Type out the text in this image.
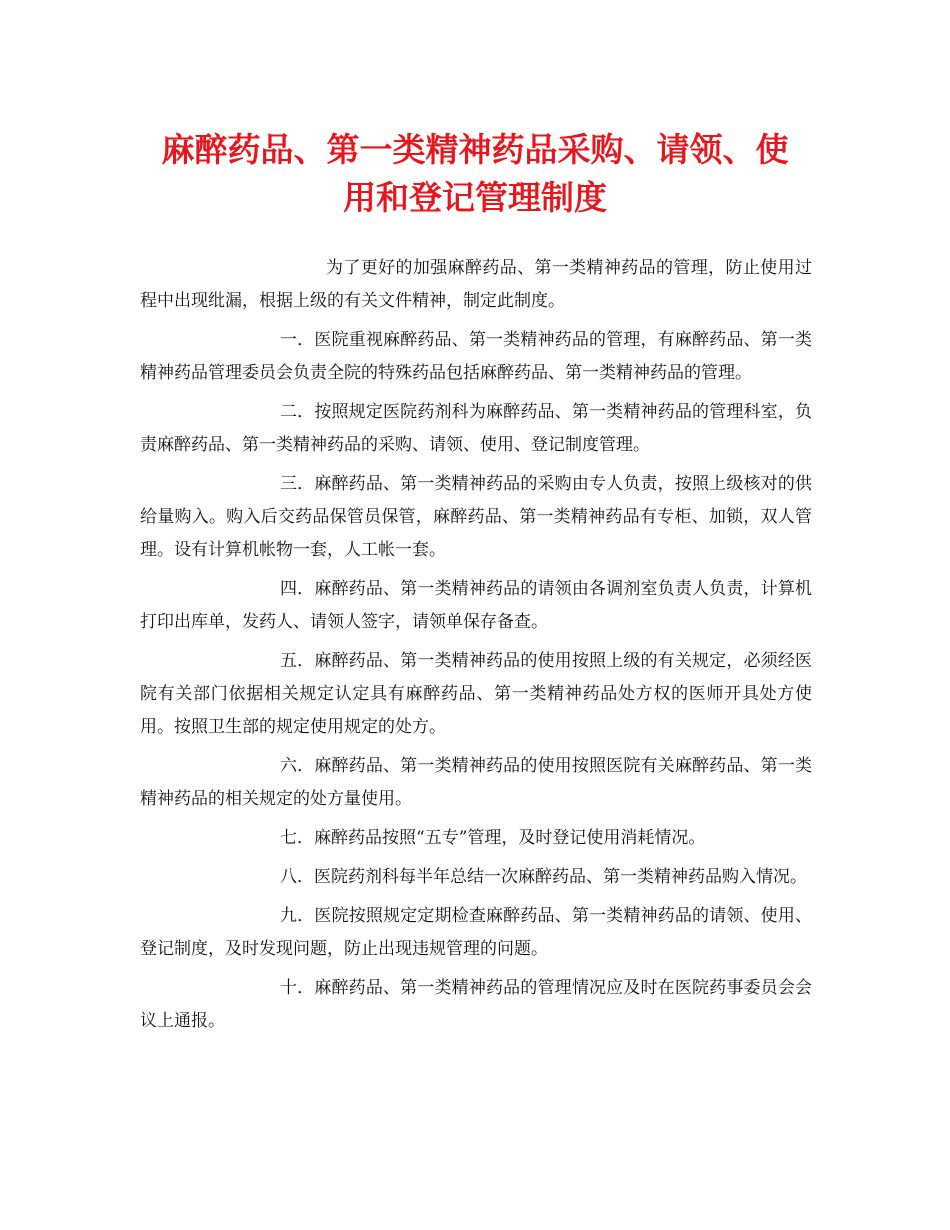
麻醉药品、第一类精神药品采购、请领、使
用和登记管理制度

为了更好的加强麻醉药品、第一类精神药品的管理，防止使用过程中出现纰漏，根据上级的有关文件精神，制定此制度。

一．医院重视麻醉药品、第一类精神药品的管理，有麻醉药品、第一类精神药品管理委员会负责全院的特殊药品包括麻醉药品、第一类精神药品的管理。

二．按照规定医院药剂科为麻醉药品、第一类精神药品的管理科室，负责麻醉药品、第一类精神药品的采购、请领、使用、登记制度管理。

三．麻醉药品、第一类精神药品的采购由专人负责，按照上级核对的供给量购入。购入后交药品保管员保管，麻醉药品、第一类精神药品有专柜、加锁，双人管理。设有计算机帐物一套，人工帐一套。

四．麻醉药品、第一类精神药品的请领由各调剂室负责人负责，计算机打印出库单，发药人、请领人签字，请领单保存备查。

五．麻醉药品、第一类精神药品的使用按照上级的有关规定，必须经医院有关部门依据相关规定认定具有麻醉药品、第一类精神药品处方权的医师开具处方使用。按照卫生部的规定使用规定的处方。

六．麻醉药品、第一类精神药品的使用按照医院有关麻醉药品、第一类精神药品的相关规定的处方量使用。

七．麻醉药品按照“五专”管理，及时登记使用消耗情况。

八．医院药剂科每半年总结一次麻醉药品、第一类精神药品购入情况。

九．医院按照规定定期检查麻醉药品、第一类精神药品的请领、使用、登记制度，及时发现问题，防止出现违规管理的问题。

十．麻醉药品、第一类精神药品的管理情况应及时在医院药事委员会会议上通报。
